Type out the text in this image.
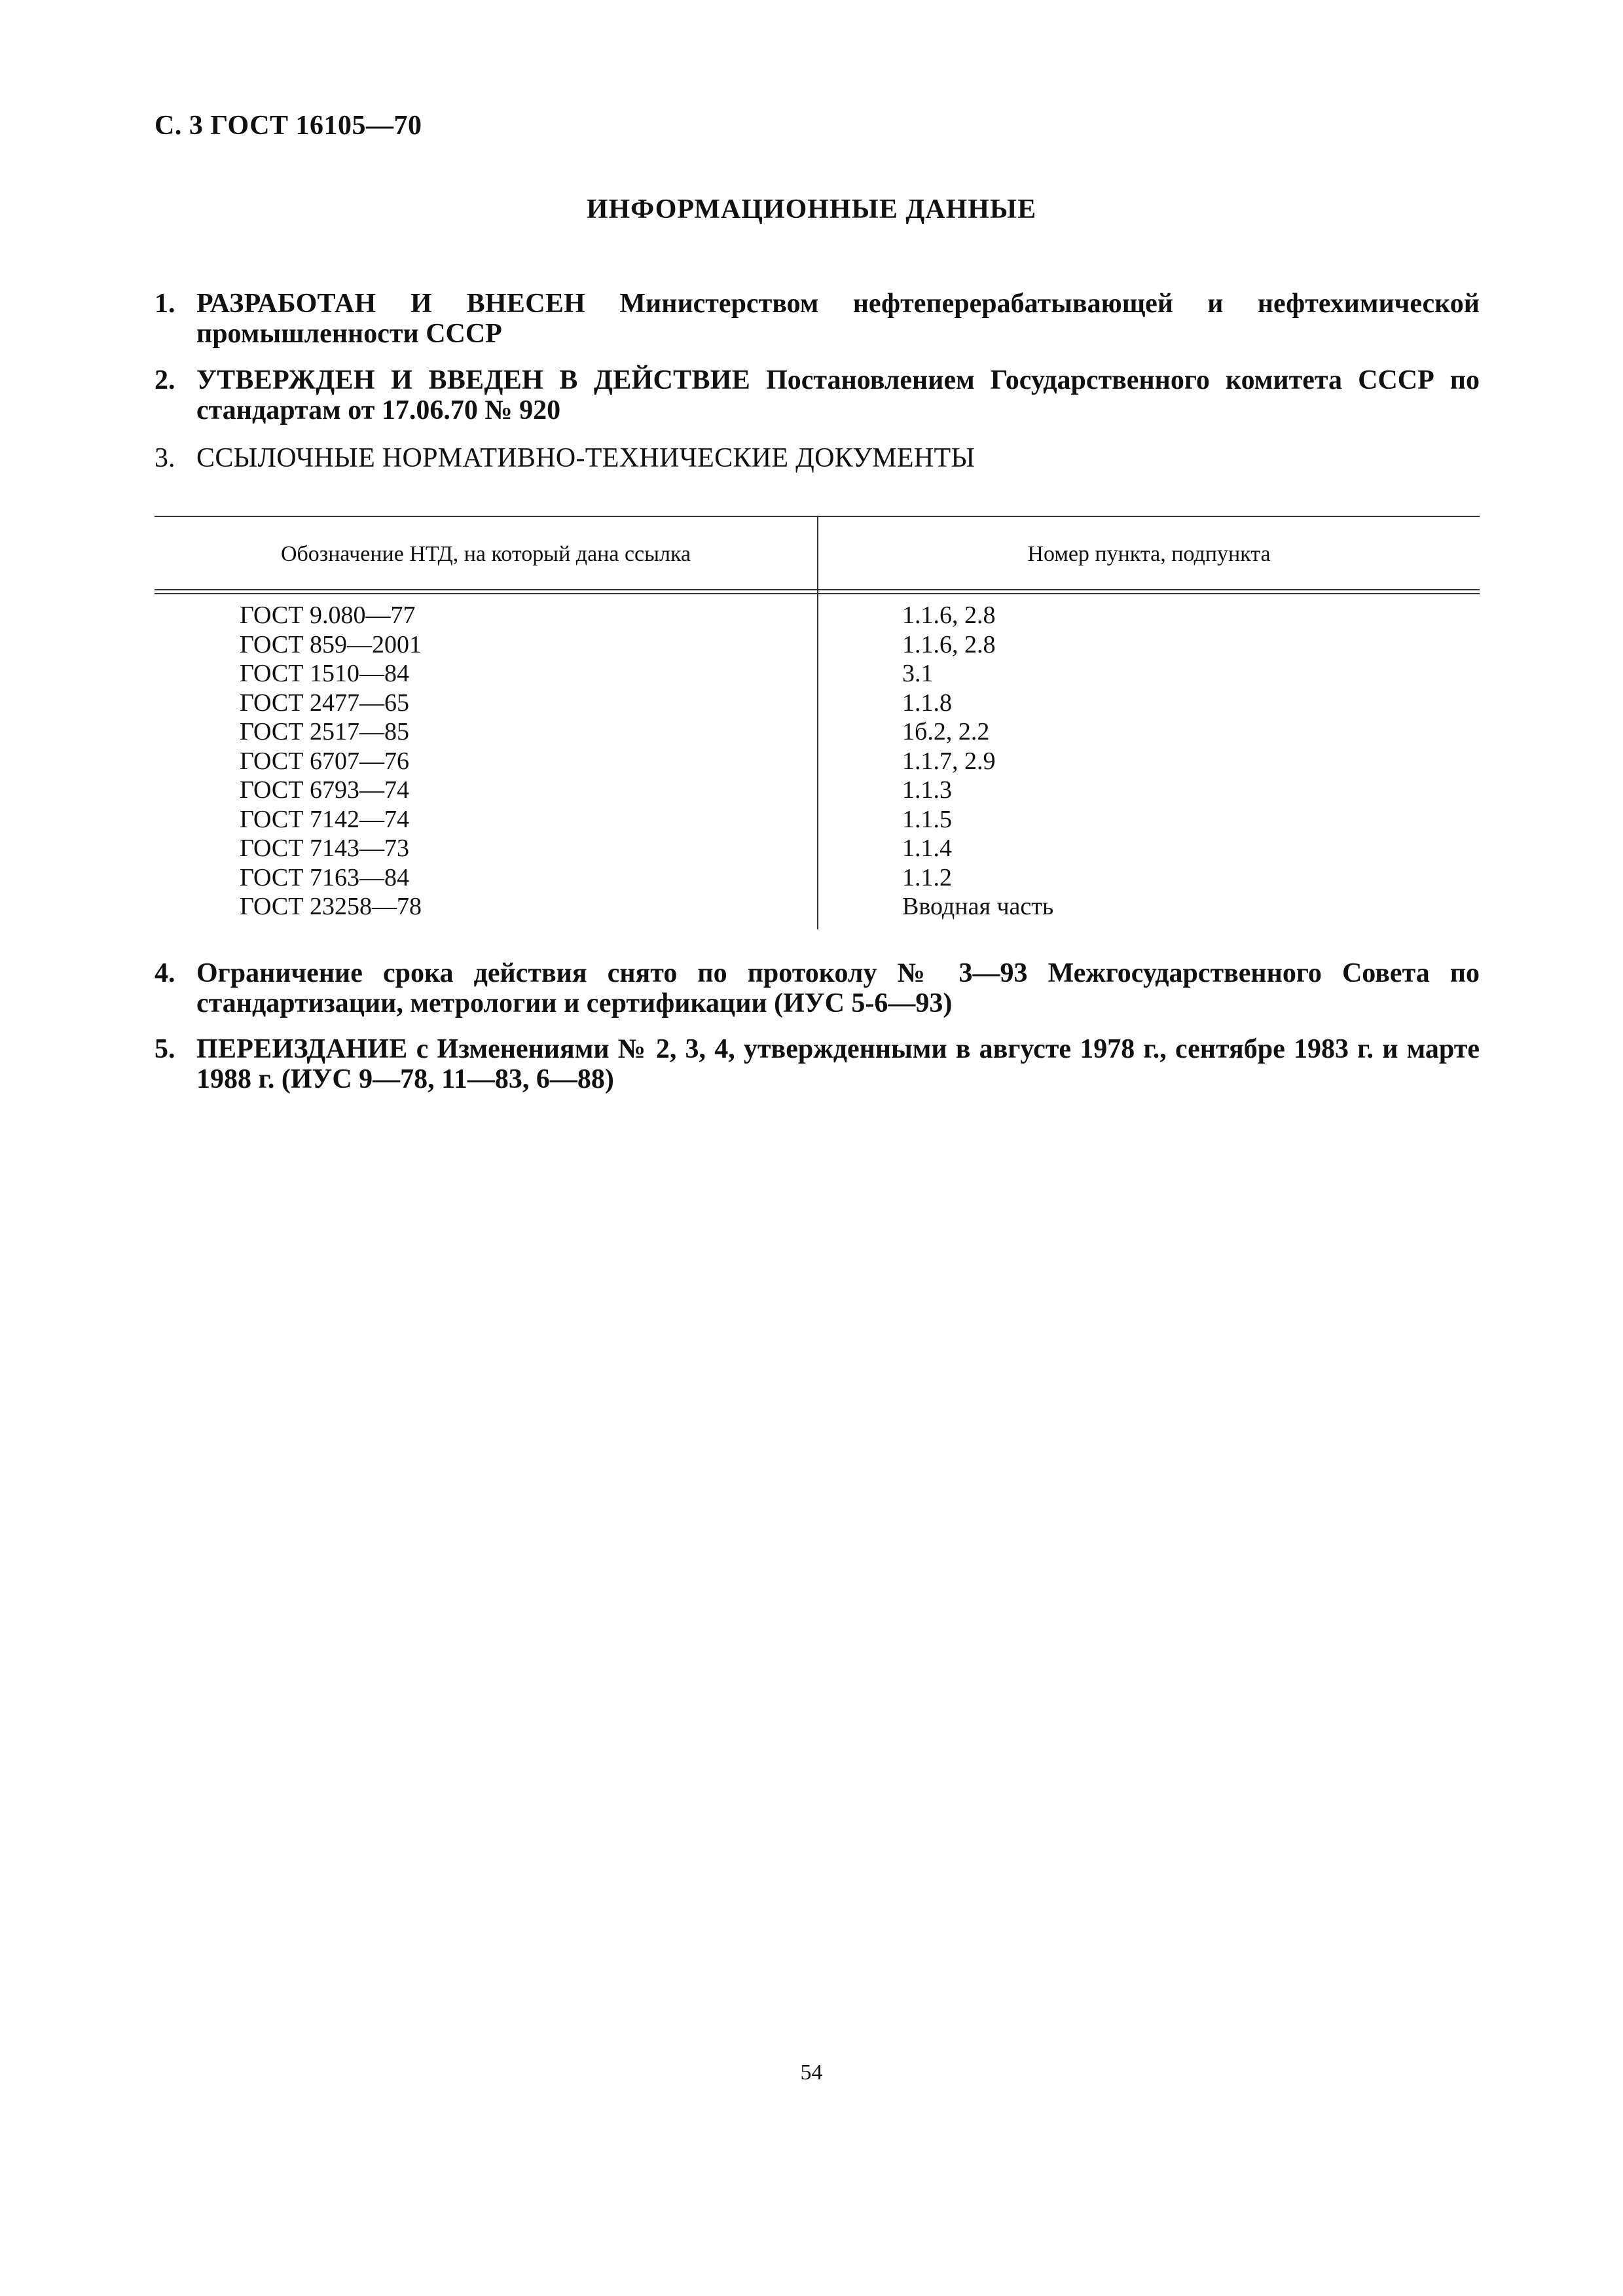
С. 3 ГОСТ 16105—70
ИНФОРМАЦИОННЫЕ ДАННЫЕ
1. РАЗРАБОТАН И ВНЕСЕН Министерством нефтеперерабатывающей и нефтехимической промышленности СССР
2. УТВЕРЖДЕН И ВВЕДЕН В ДЕЙСТВИЕ Постановлением Государственного комитета СССР по стандартам от 17.06.70 № 920
3. ССЫЛОЧНЫЕ НОРМАТИВНО-ТЕХНИЧЕСКИЕ ДОКУМЕНТЫ
Обозначение НТД, на который дана ссылка	Номер пункта, подпункта
ГОСТ 9.080—77
ГОСТ 859—2001
ГОСТ 1510—84
ГОСТ 2477—65
ГОСТ 2517—85
ГОСТ 6707—76
ГОСТ 6793—74
ГОСТ 7142—74
ГОСТ 7143—73
ГОСТ 7163—84
ГОСТ 23258—78
1.1.6, 2.8
1.1.6, 2.8
3.1
1.1.8
1б.2, 2.2
1.1.7, 2.9
1.1.3
1.1.5
1.1.4
1.1.2
Вводная часть
4. Ограничение срока действия снято по протоколу № 3—93 Межгосударственного Совета по стандартизации, метрологии и сертификации (ИУС 5-6—93)
5. ПЕРЕИЗДАНИЕ с Изменениями № 2, 3, 4, утвержденными в августе 1978 г., сентябре 1983 г. и марте 1988 г. (ИУС 9—78, 11—83, 6—88)
54
